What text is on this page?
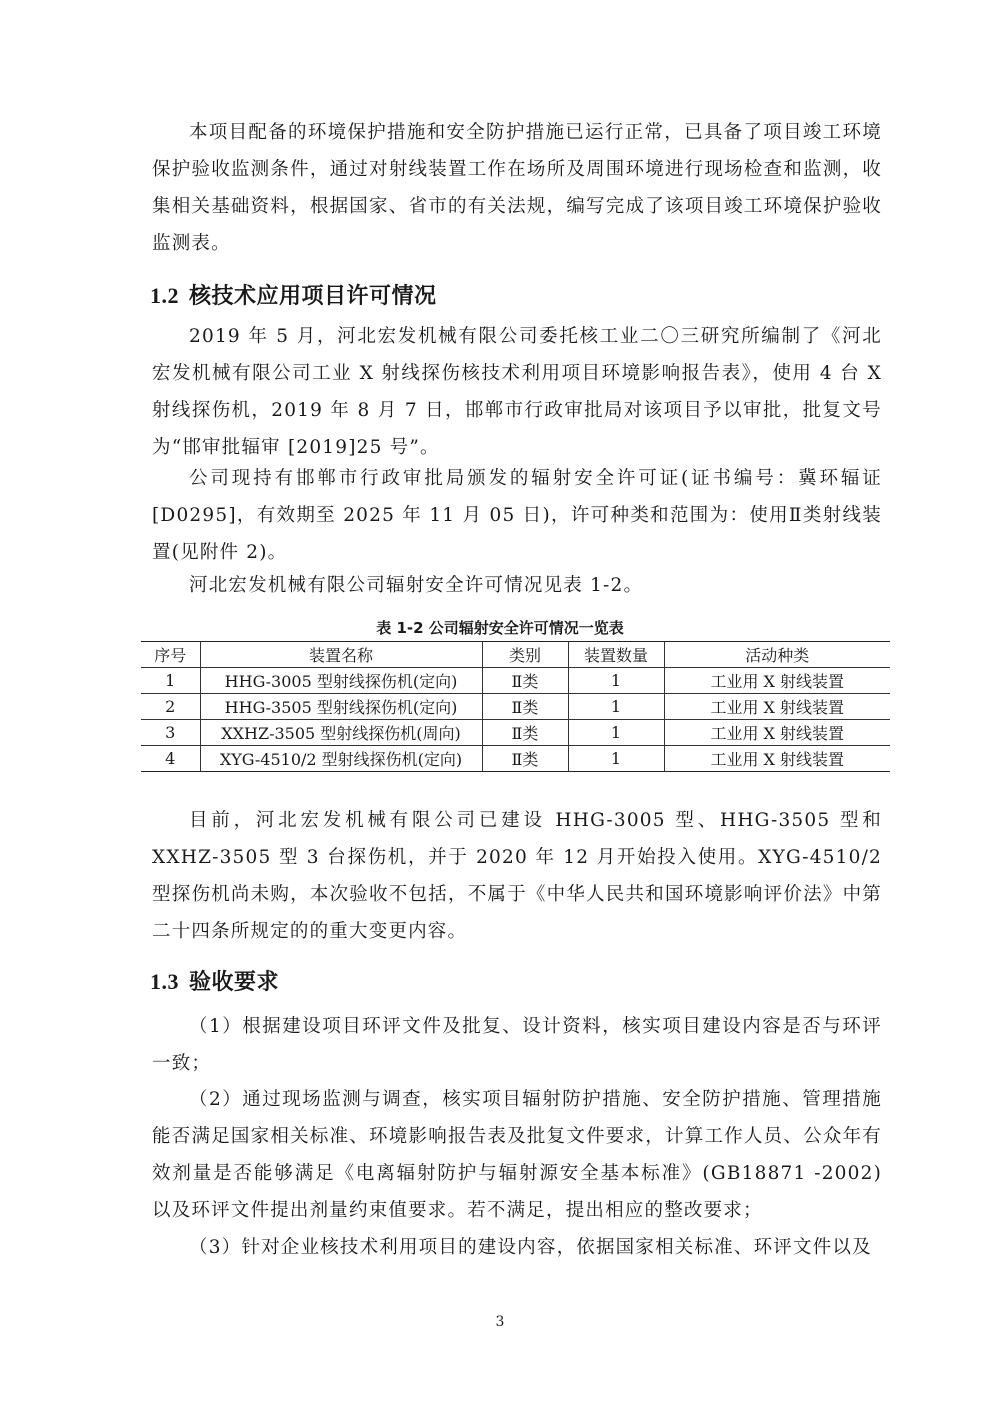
本项目配备的环境保护措施和安全防护措施已运行正常，已具备了项目竣工环境保护验收监测条件，通过对射线装置工作在场所及周围环境进行现场检查和监测，收集相关基础资料，根据国家、省市的有关法规，编写完成了该项目竣工环境保护验收监测表。

1.2 核技术应用项目许可情况

2019 年 5 月，河北宏发机械有限公司委托核工业二〇三研究所编制了《河北宏发机械有限公司工业 X 射线探伤核技术利用项目环境影响报告表》，使用 4 台 X 射线探伤机，2019 年 8 月 7 日，邯郸市行政审批局对该项目予以审批，批复文号为“邯审批辐审 [2019]25 号”。

公司现持有邯郸市行政审批局颁发的辐射安全许可证(证书编号：冀环辐证[D0295]，有效期至 2025 年 11 月 05 日)，许可种类和范围为：使用Ⅱ类射线装置(见附件 2)。

河北宏发机械有限公司辐射安全许可情况见表 1-2。

表 1-2 公司辐射安全许可情况一览表
序号	装置名称	类别	装置数量	活动种类
1	HHG-3005 型射线探伤机(定向)	Ⅱ类	1	工业用 X 射线装置
2	HHG-3505 型射线探伤机(定向)	Ⅱ类	1	工业用 X 射线装置
3	XXHZ-3505 型射线探伤机(周向)	Ⅱ类	1	工业用 X 射线装置
4	XYG-4510/2 型射线探伤机(定向)	Ⅱ类	1	工业用 X 射线装置

目前，河北宏发机械有限公司已建设 HHG-3005 型、HHG-3505 型和 XXHZ-3505 型 3 台探伤机，并于 2020 年 12 月开始投入使用。XYG-4510/2 型探伤机尚未购，本次验收不包括，不属于《中华人民共和国环境影响评价法》中第二十四条所规定的的重大变更内容。

1.3 验收要求

（1）根据建设项目环评文件及批复、设计资料，核实项目建设内容是否与环评一致；

（2）通过现场监测与调查，核实项目辐射防护措施、安全防护措施、管理措施能否满足国家相关标准、环境影响报告表及批复文件要求，计算工作人员、公众年有效剂量是否能够满足《电离辐射防护与辐射源安全基本标准》(GB18871 -2002)以及环评文件提出剂量约束值要求。若不满足，提出相应的整改要求；

（3）针对企业核技术利用项目的建设内容，依据国家相关标准、环评文件以及

3
